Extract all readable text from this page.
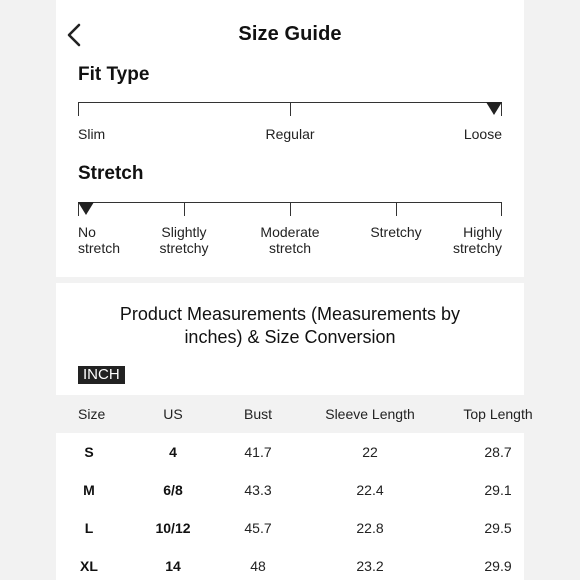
Size Guide
Fit Type
Slim	Regular	Loose
Stretch
No
stretch
Slightly
stretchy
Moderate
stretch
Stretchy	Highly
stretchy
Product Measurements (Measurements by
inches) & Size Conversion
INCH
Size	US	Bust	Sleeve Length	Top Length
S	4	41.7	22	28.7
M	6/8	43.3	22.4	29.1
L	10/12	45.7	22.8	29.5
XL	14	48	23.2	29.9
